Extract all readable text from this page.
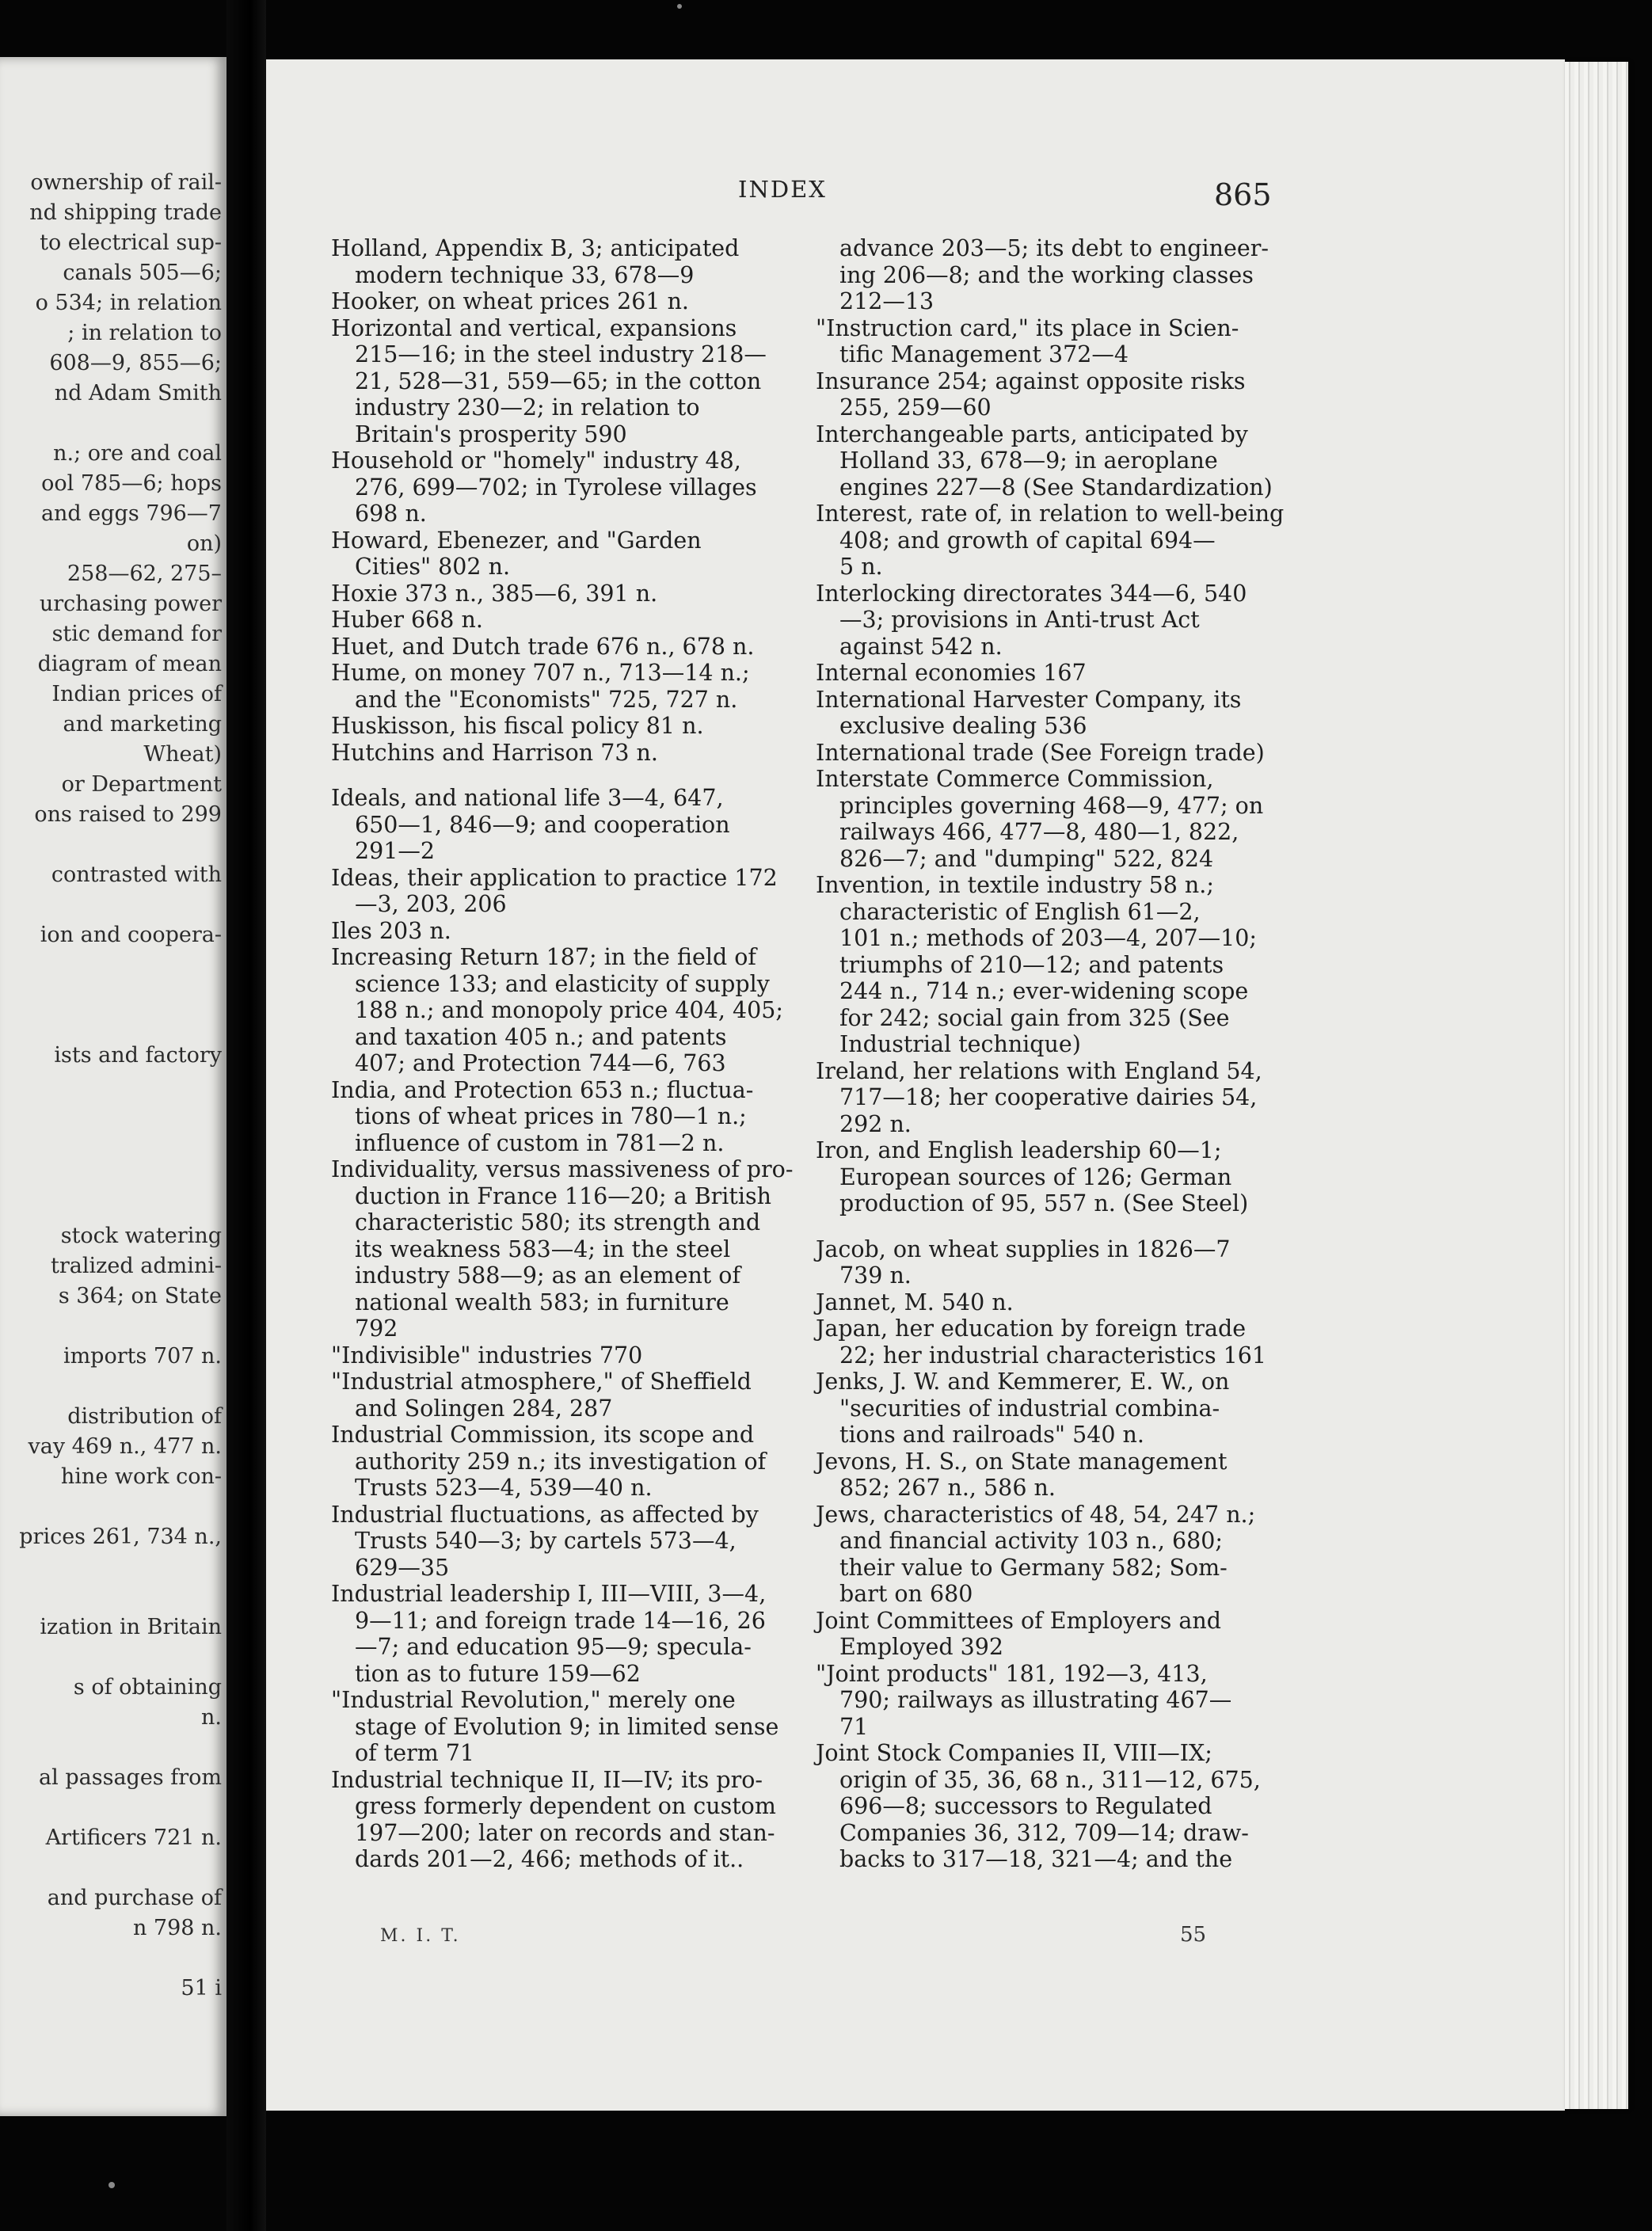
ownership of rail-
nd shipping trade
to electrical sup-
canals 505—6;
o 534; in relation
; in relation to
608—9, 855—6;
nd Adam Smith
n.; ore and coal
ool 785—6; hops
and eggs 796—7
on)
258—62, 275–
urchasing power
stic demand for
diagram of mean
Indian prices of
and marketing
Wheat)
or Department
ons raised to 299
contrasted with
ion and coopera-
ists and factory
stock watering
tralized admini-
s 364; on State
imports 707 n.
distribution of
vay 469 n., 477 n.
hine work con-
prices 261, 734 n.,
ization in Britain
s of obtaining
n.
al passages from
Artificers 721 n.
and purchase of
n 798 n.
51 i
INDEX	865
Holland, Appendix B, 3; anticipated
modern technique 33, 678—9
Hooker, on wheat prices 261 n.
Horizontal and vertical, expansions
215—16; in the steel industry 218—
21, 528—31, 559—65; in the cotton
industry 230—2; in relation to
Britain's prosperity 590
Household or "homely" industry 48,
276, 699—702; in Tyrolese villages
698 n.
Howard, Ebenezer, and "Garden
Cities" 802 n.
Hoxie 373 n., 385—6, 391 n.
Huber 668 n.
Huet, and Dutch trade 676 n., 678 n.
Hume, on money 707 n., 713—14 n.;
and the "Economists" 725, 727 n.
Huskisson, his fiscal policy 81 n.
Hutchins and Harrison 73 n.
Ideals, and national life 3—4, 647,
650—1, 846—9; and cooperation
291—2
Ideas, their application to practice 172
—3, 203, 206
Iles 203 n.
Increasing Return 187; in the field of
science 133; and elasticity of supply
188 n.; and monopoly price 404, 405;
and taxation 405 n.; and patents
407; and Protection 744—6, 763
India, and Protection 653 n.; fluctua-
tions of wheat prices in 780—1 n.;
influence of custom in 781—2 n.
Individuality, versus massiveness of pro-
duction in France 116—20; a British
characteristic 580; its strength and
its weakness 583—4; in the steel
industry 588—9; as an element of
national wealth 583; in furniture
792
"Indivisible" industries 770
"Industrial atmosphere," of Sheffield
and Solingen 284, 287
Industrial Commission, its scope and
authority 259 n.; its investigation of
Trusts 523—4, 539—40 n.
Industrial fluctuations, as affected by
Trusts 540—3; by cartels 573—4,
629—35
Industrial leadership I, III—VIII, 3—4,
9—11; and foreign trade 14—16, 26
—7; and education 95—9; specula-
tion as to future 159—62
"Industrial Revolution," merely one
stage of Evolution 9; in limited sense
of term 71
Industrial technique II, II—IV; its pro-
gress formerly dependent on custom
197—200; later on records and stan-
dards 201—2, 466; methods of it..
advance 203—5; its debt to engineer-
ing 206—8; and the working classes
212—13
"Instruction card," its place in Scien-
tific Management 372—4
Insurance 254; against opposite risks
255, 259—60
Interchangeable parts, anticipated by
Holland 33, 678—9; in aeroplane
engines 227—8 (See Standardization)
Interest, rate of, in relation to well-being
408; and growth of capital 694—
5 n.
Interlocking directorates 344—6, 540
—3; provisions in Anti-trust Act
against 542 n.
Internal economies 167
International Harvester Company, its
exclusive dealing 536
International trade (See Foreign trade)
Interstate Commerce Commission,
principles governing 468—9, 477; on
railways 466, 477—8, 480—1, 822,
826—7; and "dumping" 522, 824
Invention, in textile industry 58 n.;
characteristic of English 61—2,
101 n.; methods of 203—4, 207—10;
triumphs of 210—12; and patents
244 n., 714 n.; ever-widening scope
for 242; social gain from 325 (See
Industrial technique)
Ireland, her relations with England 54,
717—18; her cooperative dairies 54,
292 n.
Iron, and English leadership 60—1;
European sources of 126; German
production of 95, 557 n. (See Steel)
Jacob, on wheat supplies in 1826—7
739 n.
Jannet, M. 540 n.
Japan, her education by foreign trade
22; her industrial characteristics 161
Jenks, J. W. and Kemmerer, E. W., on
"securities of industrial combina-
tions and railroads" 540 n.
Jevons, H. S., on State management
852; 267 n., 586 n.
Jews, characteristics of 48, 54, 247 n.;
and financial activity 103 n., 680;
their value to Germany 582; Som-
bart on 680
Joint Committees of Employers and
Employed 392
"Joint products" 181, 192—3, 413,
790; railways as illustrating 467—
71
Joint Stock Companies II, VIII—IX;
origin of 35, 36, 68 n., 311—12, 675,
696—8; successors to Regulated
Companies 36, 312, 709—14; draw-
backs to 317—18, 321—4; and the
M. I. T.	55
